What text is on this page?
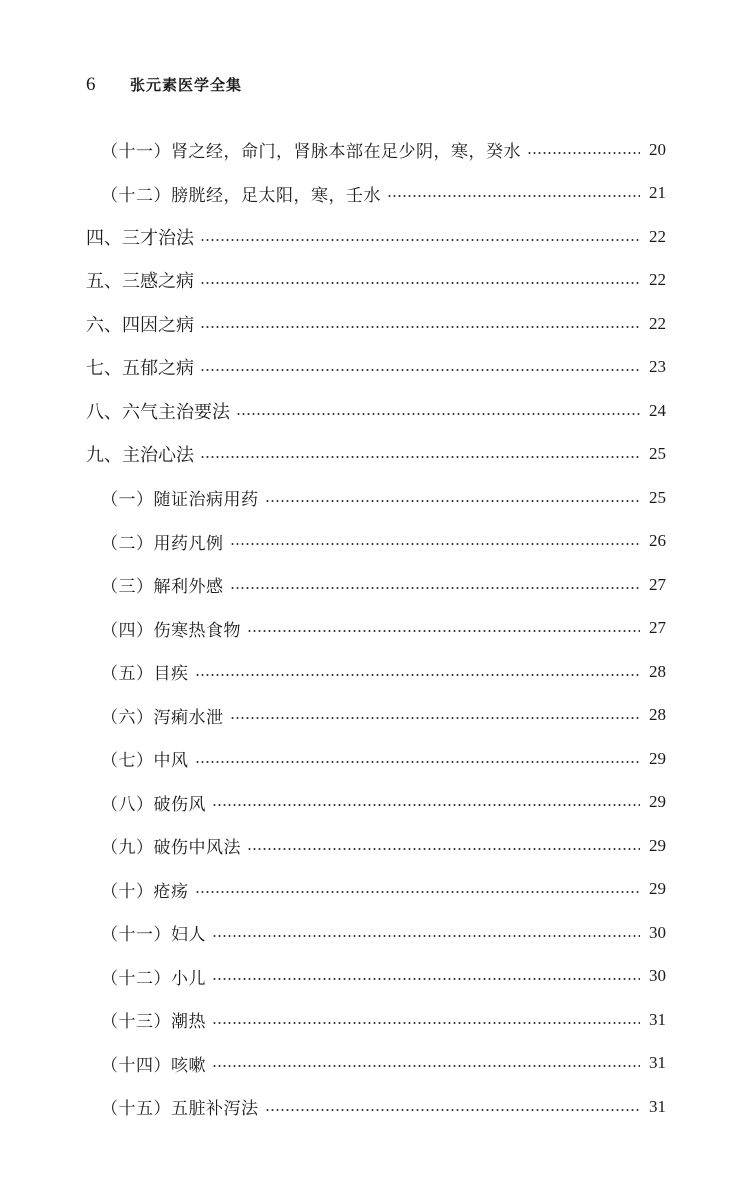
6	张元素医学全集
（十一）肾之经，命门，肾脉本部在足少阴，寒，癸水	20
（十二）膀胱经，足太阳，寒，壬水	21
四、三才治法	22
五、三感之病	22
六、四因之病	22
七、五郁之病	23
八、六气主治要法	24
九、主治心法	25
（一）随证治病用药	25
（二）用药凡例	26
（三）解利外感	27
（四）伤寒热食物	27
（五）目疾	28
（六）泻痢水泄	28
（七）中风	29
（八）破伤风	29
（九）破伤中风法	29
（十）疮疡	29
（十一）妇人	30
（十二）小儿	30
（十三）潮热	31
（十四）咳嗽	31
（十五）五脏补泻法	31
